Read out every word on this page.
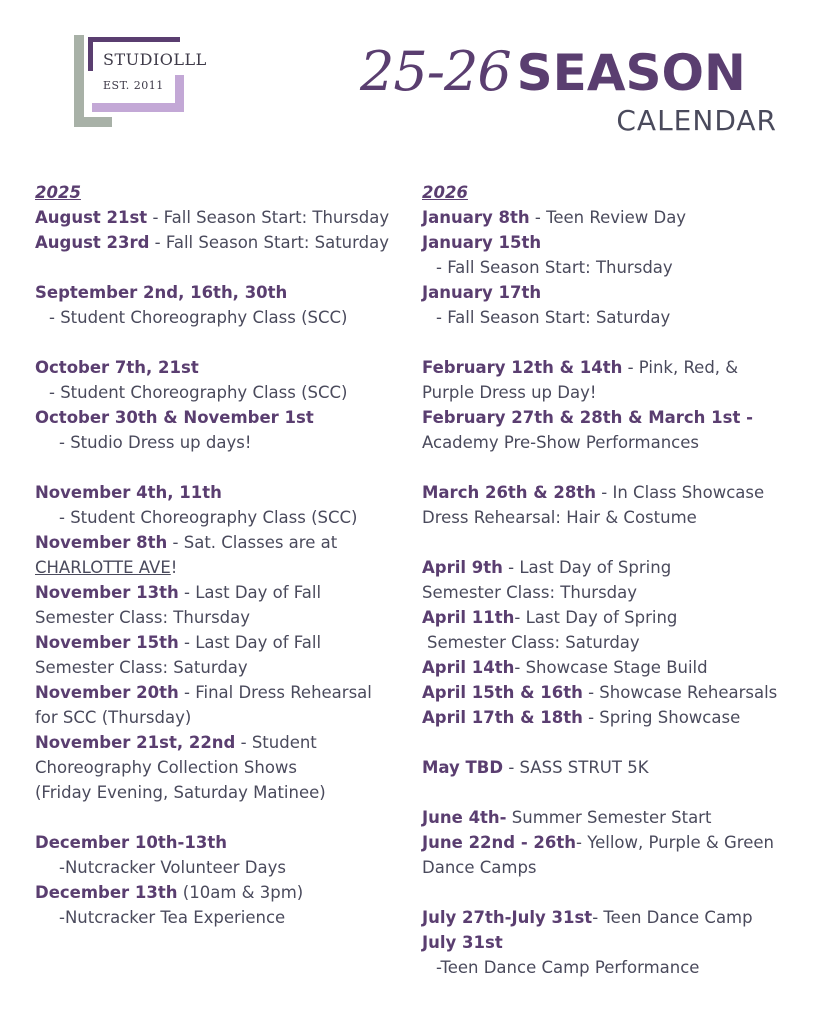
STUDIOLLL
EST. 2011	25-26 SEASON
CALENDAR
2025
August 21st - Fall Season Start: Thursday
August 23rd - Fall Season Start: Saturday
September 2nd, 16th, 30th
- Student Choreography Class (SCC)
October 7th, 21st
- Student Choreography Class (SCC)
October 30th & November 1st
- Studio Dress up days!
November 4th, 11th
- Student Choreography Class (SCC)
November 8th - Sat. Classes are at
CHARLOTTE AVE!
November 13th - Last Day of Fall
Semester Class: Thursday
November 15th - Last Day of Fall
Semester Class: Saturday
November 20th - Final Dress Rehearsal
for SCC (Thursday)
November 21st, 22nd - Student
Choreography Collection Shows
(Friday Evening, Saturday Matinee)
December 10th-13th
-Nutcracker Volunteer Days
December 13th (10am & 3pm)
-Nutcracker Tea Experience
2026
January 8th - Teen Review Day
January 15th
- Fall Season Start: Thursday
January 17th
- Fall Season Start: Saturday
February 12th & 14th - Pink, Red, &
Purple Dress up Day!
February 27th & 28th & March 1st -
Academy Pre-Show Performances
March 26th & 28th - In Class Showcase
Dress Rehearsal: Hair & Costume
April 9th - Last Day of Spring
Semester Class: Thursday
April 11th- Last Day of Spring
Semester Class: Saturday
April 14th- Showcase Stage Build
April 15th & 16th - Showcase Rehearsals
April 17th & 18th - Spring Showcase
May TBD - SASS STRUT 5K
June 4th- Summer Semester Start
June 22nd - 26th- Yellow, Purple & Green
Dance Camps
July 27th-July 31st- Teen Dance Camp
July 31st
-Teen Dance Camp Performance
